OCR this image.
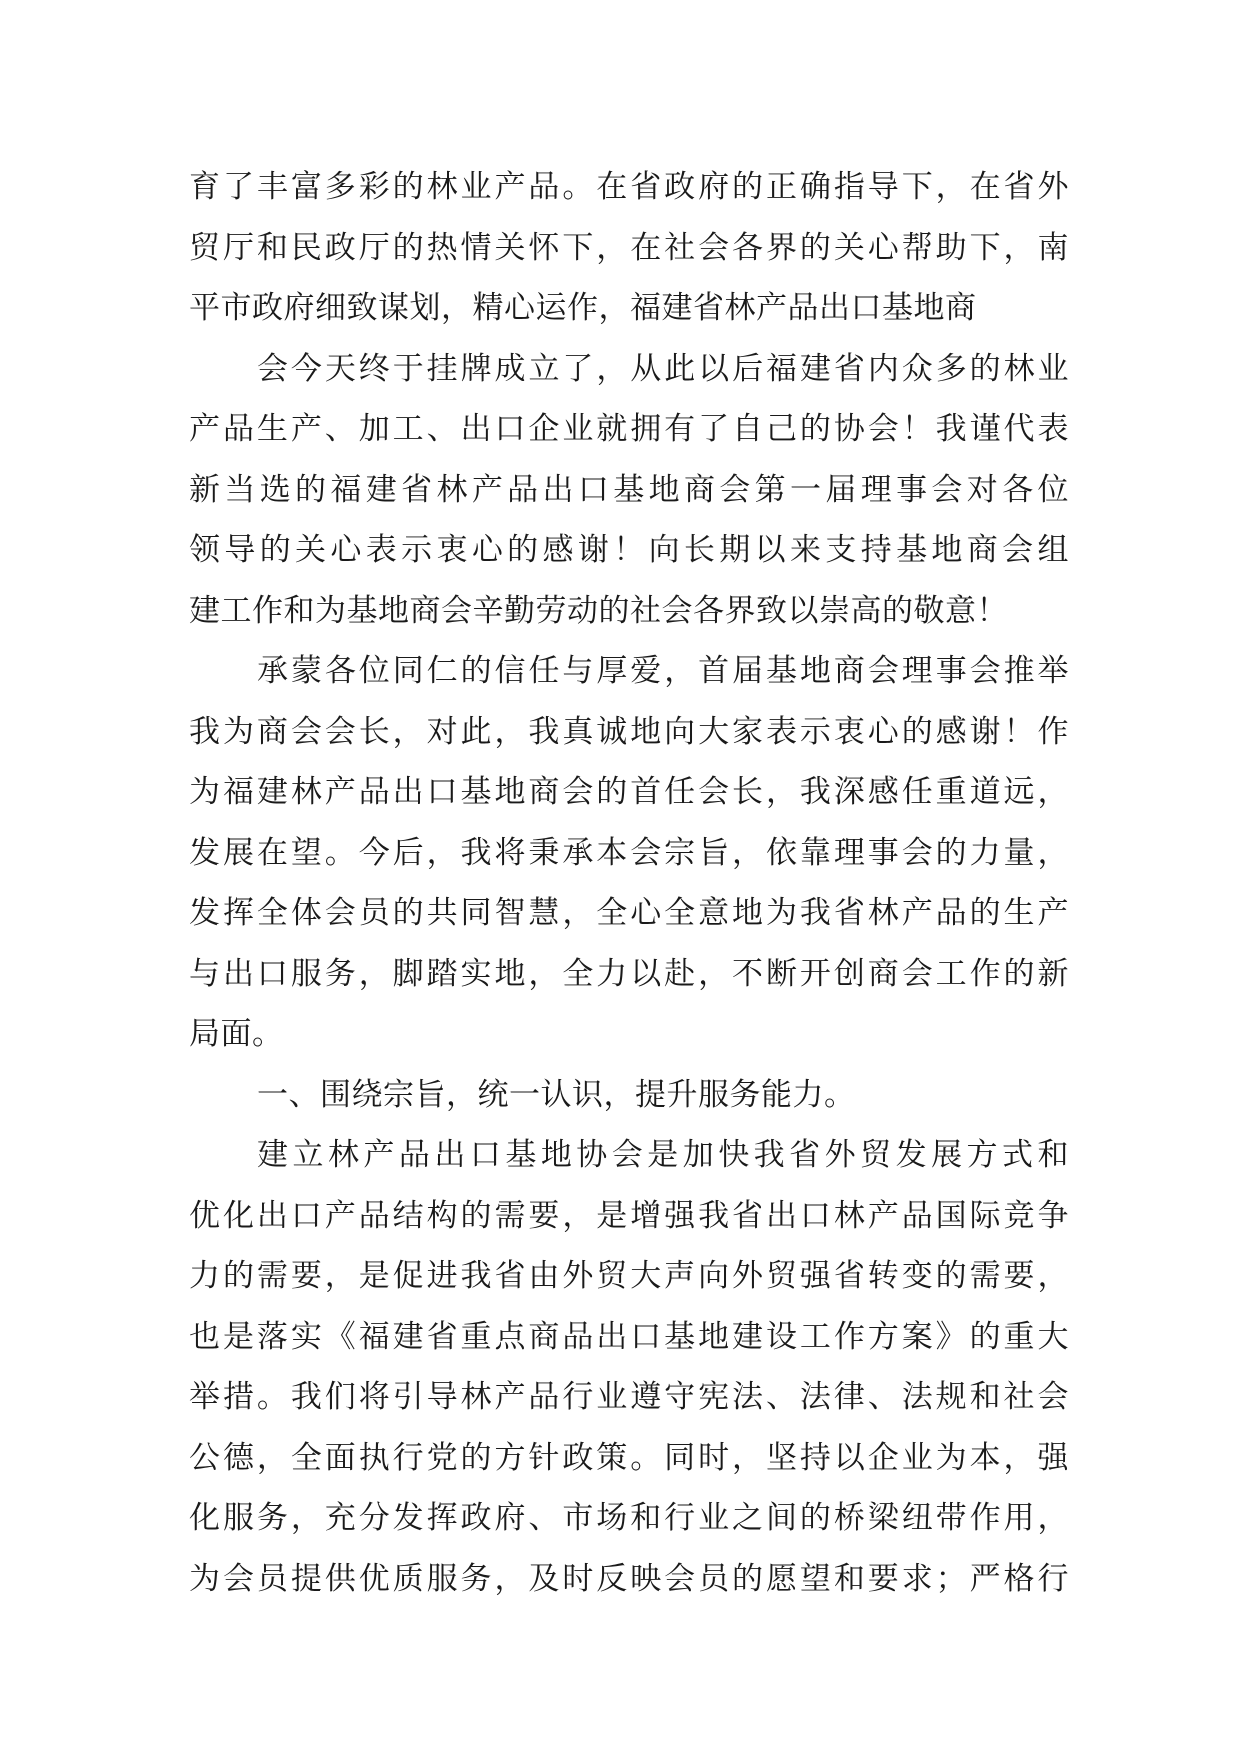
育了丰富多彩的林业产品。在省政府的正确指导下，在省外
贸厅和民政厅的热情关怀下，在社会各界的关心帮助下，南
平市政府细致谋划，精心运作，福建省林产品出口基地商
会今天终于挂牌成立了，从此以后福建省内众多的林业
产品生产、加工、出口企业就拥有了自己的协会！我谨代表
新当选的福建省林产品出口基地商会第一届理事会对各位
领导的关心表示衷心的感谢！向长期以来支持基地商会组
建工作和为基地商会辛勤劳动的社会各界致以崇高的敬意！
承蒙各位同仁的信任与厚爱，首届基地商会理事会推举
我为商会会长，对此，我真诚地向大家表示衷心的感谢！作
为福建林产品出口基地商会的首任会长，我深感任重道远，
发展在望。今后，我将秉承本会宗旨，依靠理事会的力量，
发挥全体会员的共同智慧，全心全意地为我省林产品的生产
与出口服务，脚踏实地，全力以赴，不断开创商会工作的新
局面。
一、围绕宗旨，统一认识，提升服务能力。
建立林产品出口基地协会是加快我省外贸发展方式和
优化出口产品结构的需要，是增强我省出口林产品国际竞争
力的需要，是促进我省由外贸大声向外贸强省转变的需要，
也是落实《福建省重点商品出口基地建设工作方案》的重大
举措。我们将引导林产品行业遵守宪法、法律、法规和社会
公德，全面执行党的方针政策。同时，坚持以企业为本，强
化服务，充分发挥政府、市场和行业之间的桥梁纽带作用，
为会员提供优质服务，及时反映会员的愿望和要求；严格行
